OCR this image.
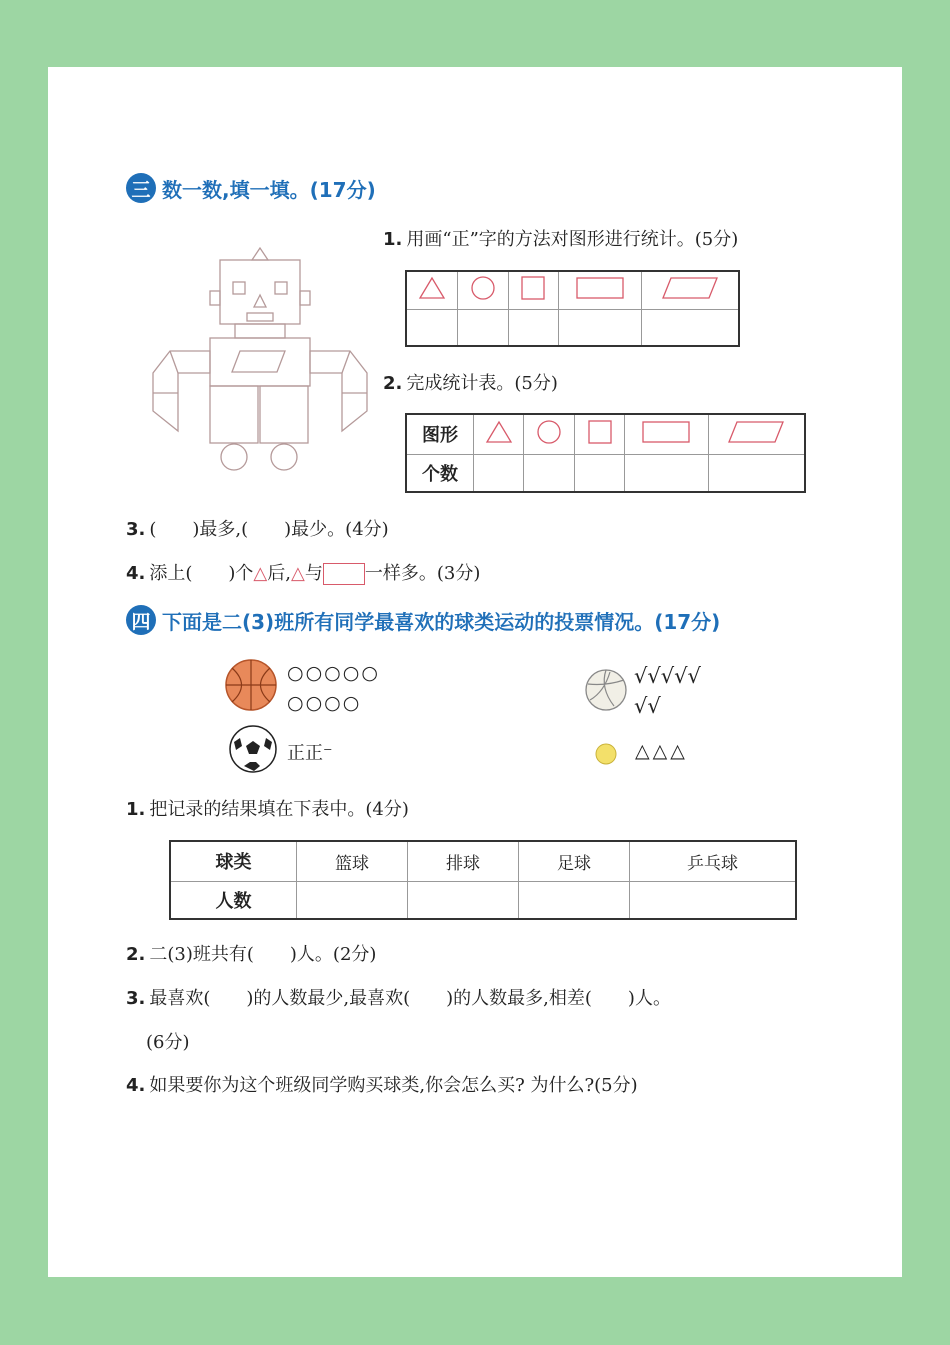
三 数一数,填一填。(17分)
1. 用画“正”字的方法对图形进行统计。(5分)

2. 完成统计表。(5分)
图形					
个数					
3. (　　)最多,(　　)最少。(4分)
4. 添上(　　)个△后,△与 一样多。(3分)
四 下面是二(3)班所有同学最喜欢的球类运动的投票情况。(17分)
○○○○○
○○○○
√√√√√
√√
正正⁻	△△△
1. 把记录的结果填在下表中。(4分)
球类	篮球	排球	足球	乒乓球
人数				
2. 二(3)班共有(　　)人。(2分)
3. 最喜欢(　　)的人数最少,最喜欢(　　)的人数最多,相差(　　)人。
(6分)
4. 如果要你为这个班级同学购买球类,你会怎么买? 为什么?(5分)
